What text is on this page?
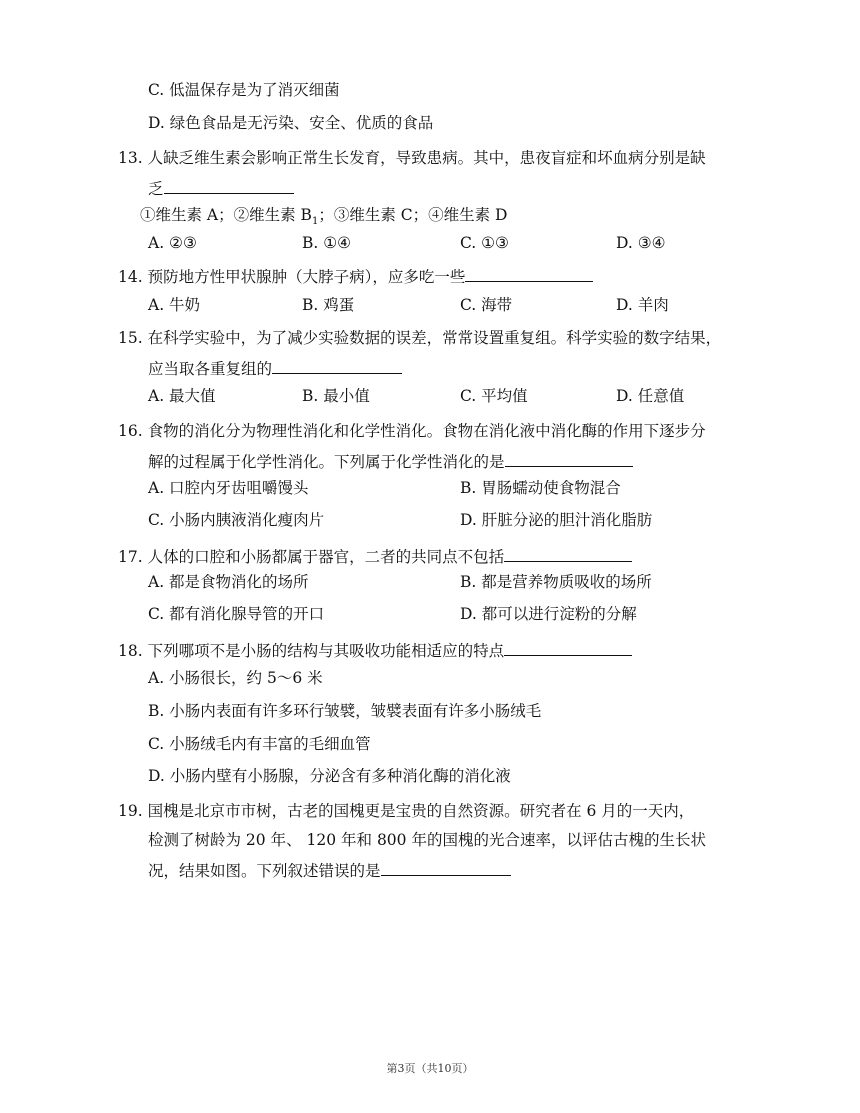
C. 低温保存是为了消灭细菌
D. 绿色食品是无污染、安全、优质的食品
13. 人缺乏维生素会影响正常生长发育，导致患病。其中，患夜盲症和坏血病分别是缺
乏
①维生素 A；②维生素 $B_1$；③维生素 C；④维生素 D
A. ②③	B. ①④	C. ①③	D. ③④
14. 预防地方性甲状腺肿（大脖子病），应多吃一些
A. 牛奶	B. 鸡蛋	C. 海带	D. 羊肉
15. 在科学实验中，为了减少实验数据的误差，常常设置重复组。科学实验的数字结果，
应当取各重复组的
A. 最大值	B. 最小值	C. 平均值	D. 任意值
16. 食物的消化分为物理性消化和化学性消化。食物在消化液中消化酶的作用下逐步分
解的过程属于化学性消化。下列属于化学性消化的是
A. 口腔内牙齿咀嚼馒头	B. 胃肠蠕动使食物混合
C. 小肠内胰液消化瘦肉片	D. 肝脏分泌的胆汁消化脂肪
17. 人体的口腔和小肠都属于器官，二者的共同点不包括
A. 都是食物消化的场所	B. 都是营养物质吸收的场所
C. 都有消化腺导管的开口	D. 都可以进行淀粉的分解
18. 下列哪项不是小肠的结构与其吸收功能相适应的特点
A. 小肠很长，约 5～6 米
B. 小肠内表面有许多环行皱襞，皱襞表面有许多小肠绒毛
C. 小肠绒毛内有丰富的毛细血管
D. 小肠内壁有小肠腺，分泌含有多种消化酶的消化液
19. 国槐是北京市市树，古老的国槐更是宝贵的自然资源。研究者在 6 月的一天内，
检测了树龄为 20 年、 120 年和 800 年的国槐的光合速率，以评估古槐的生长状
况，结果如图。下列叙述错误的是
第3页（共10页）
